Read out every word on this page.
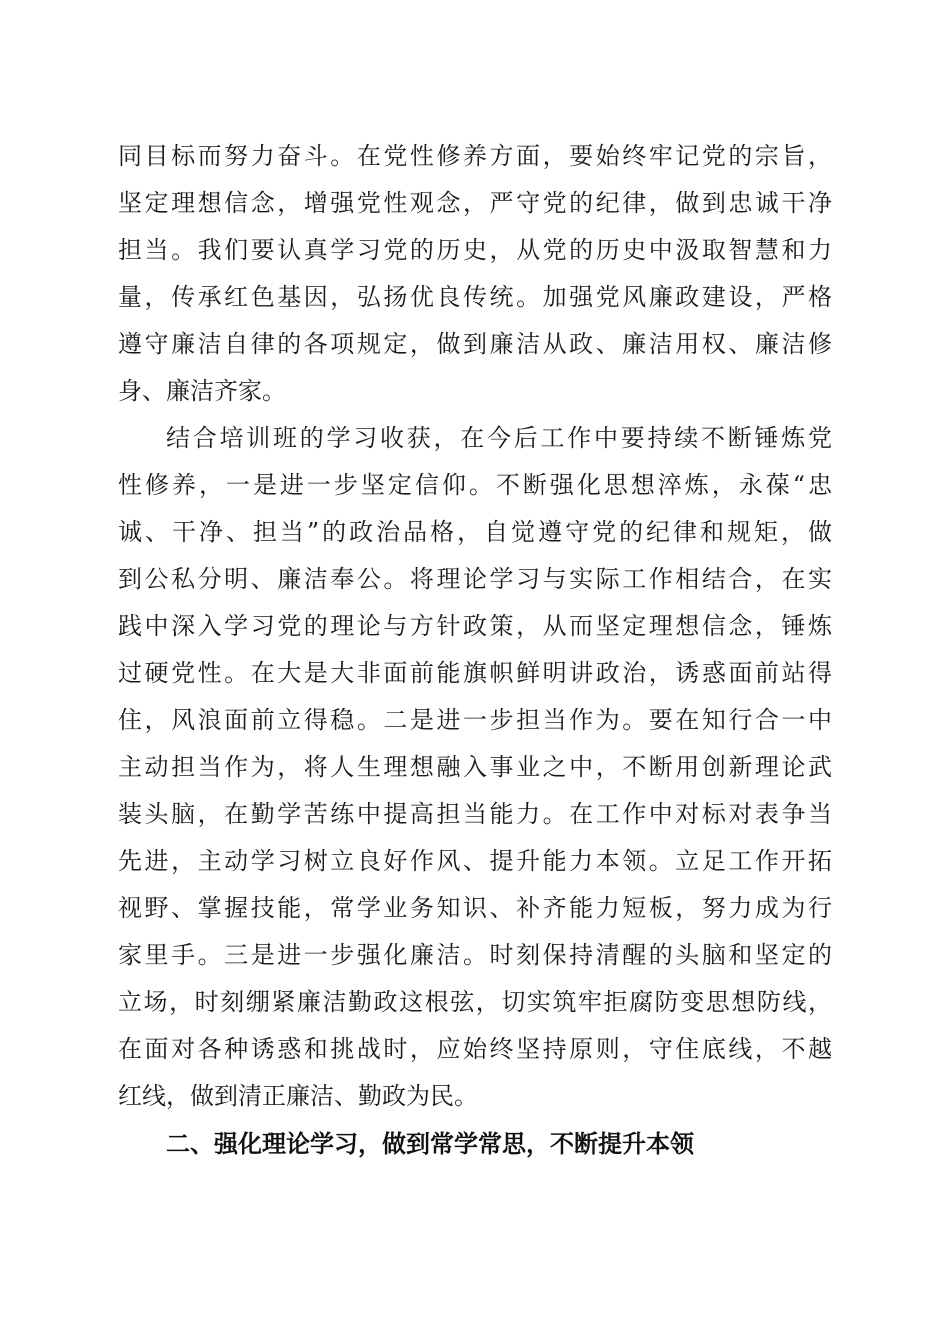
同目标而努力奋斗。在党性修养方面，要始终牢记党的宗旨，
坚定理想信念，增强党性观念，严守党的纪律，做到忠诚干净
担当。我们要认真学习党的历史，从党的历史中汲取智慧和力
量，传承红色基因，弘扬优良传统。加强党风廉政建设，严格
遵守廉洁自律的各项规定，做到廉洁从政、廉洁用权、廉洁修
身、廉洁齐家。
结合培训班的学习收获，在今后工作中要持续不断锤炼党
性修养，一是进一步坚定信仰。不断强化思想淬炼，永葆“忠
诚、干净、担当”的政治品格，自觉遵守党的纪律和规矩，做
到公私分明、廉洁奉公。将理论学习与实际工作相结合，在实
践中深入学习党的理论与方针政策，从而坚定理想信念，锤炼
过硬党性。在大是大非面前能旗帜鲜明讲政治，诱惑面前站得
住，风浪面前立得稳。二是进一步担当作为。要在知行合一中
主动担当作为，将人生理想融入事业之中，不断用创新理论武
装头脑，在勤学苦练中提高担当能力。在工作中对标对表争当
先进，主动学习树立良好作风、提升能力本领。立足工作开拓
视野、掌握技能，常学业务知识、补齐能力短板，努力成为行
家里手。三是进一步强化廉洁。时刻保持清醒的头脑和坚定的
立场，时刻绷紧廉洁勤政这根弦，切实筑牢拒腐防变思想防线，
在面对各种诱惑和挑战时，应始终坚持原则，守住底线，不越
红线，做到清正廉洁、勤政为民。
二、强化理论学习，做到常学常思，不断提升本领
